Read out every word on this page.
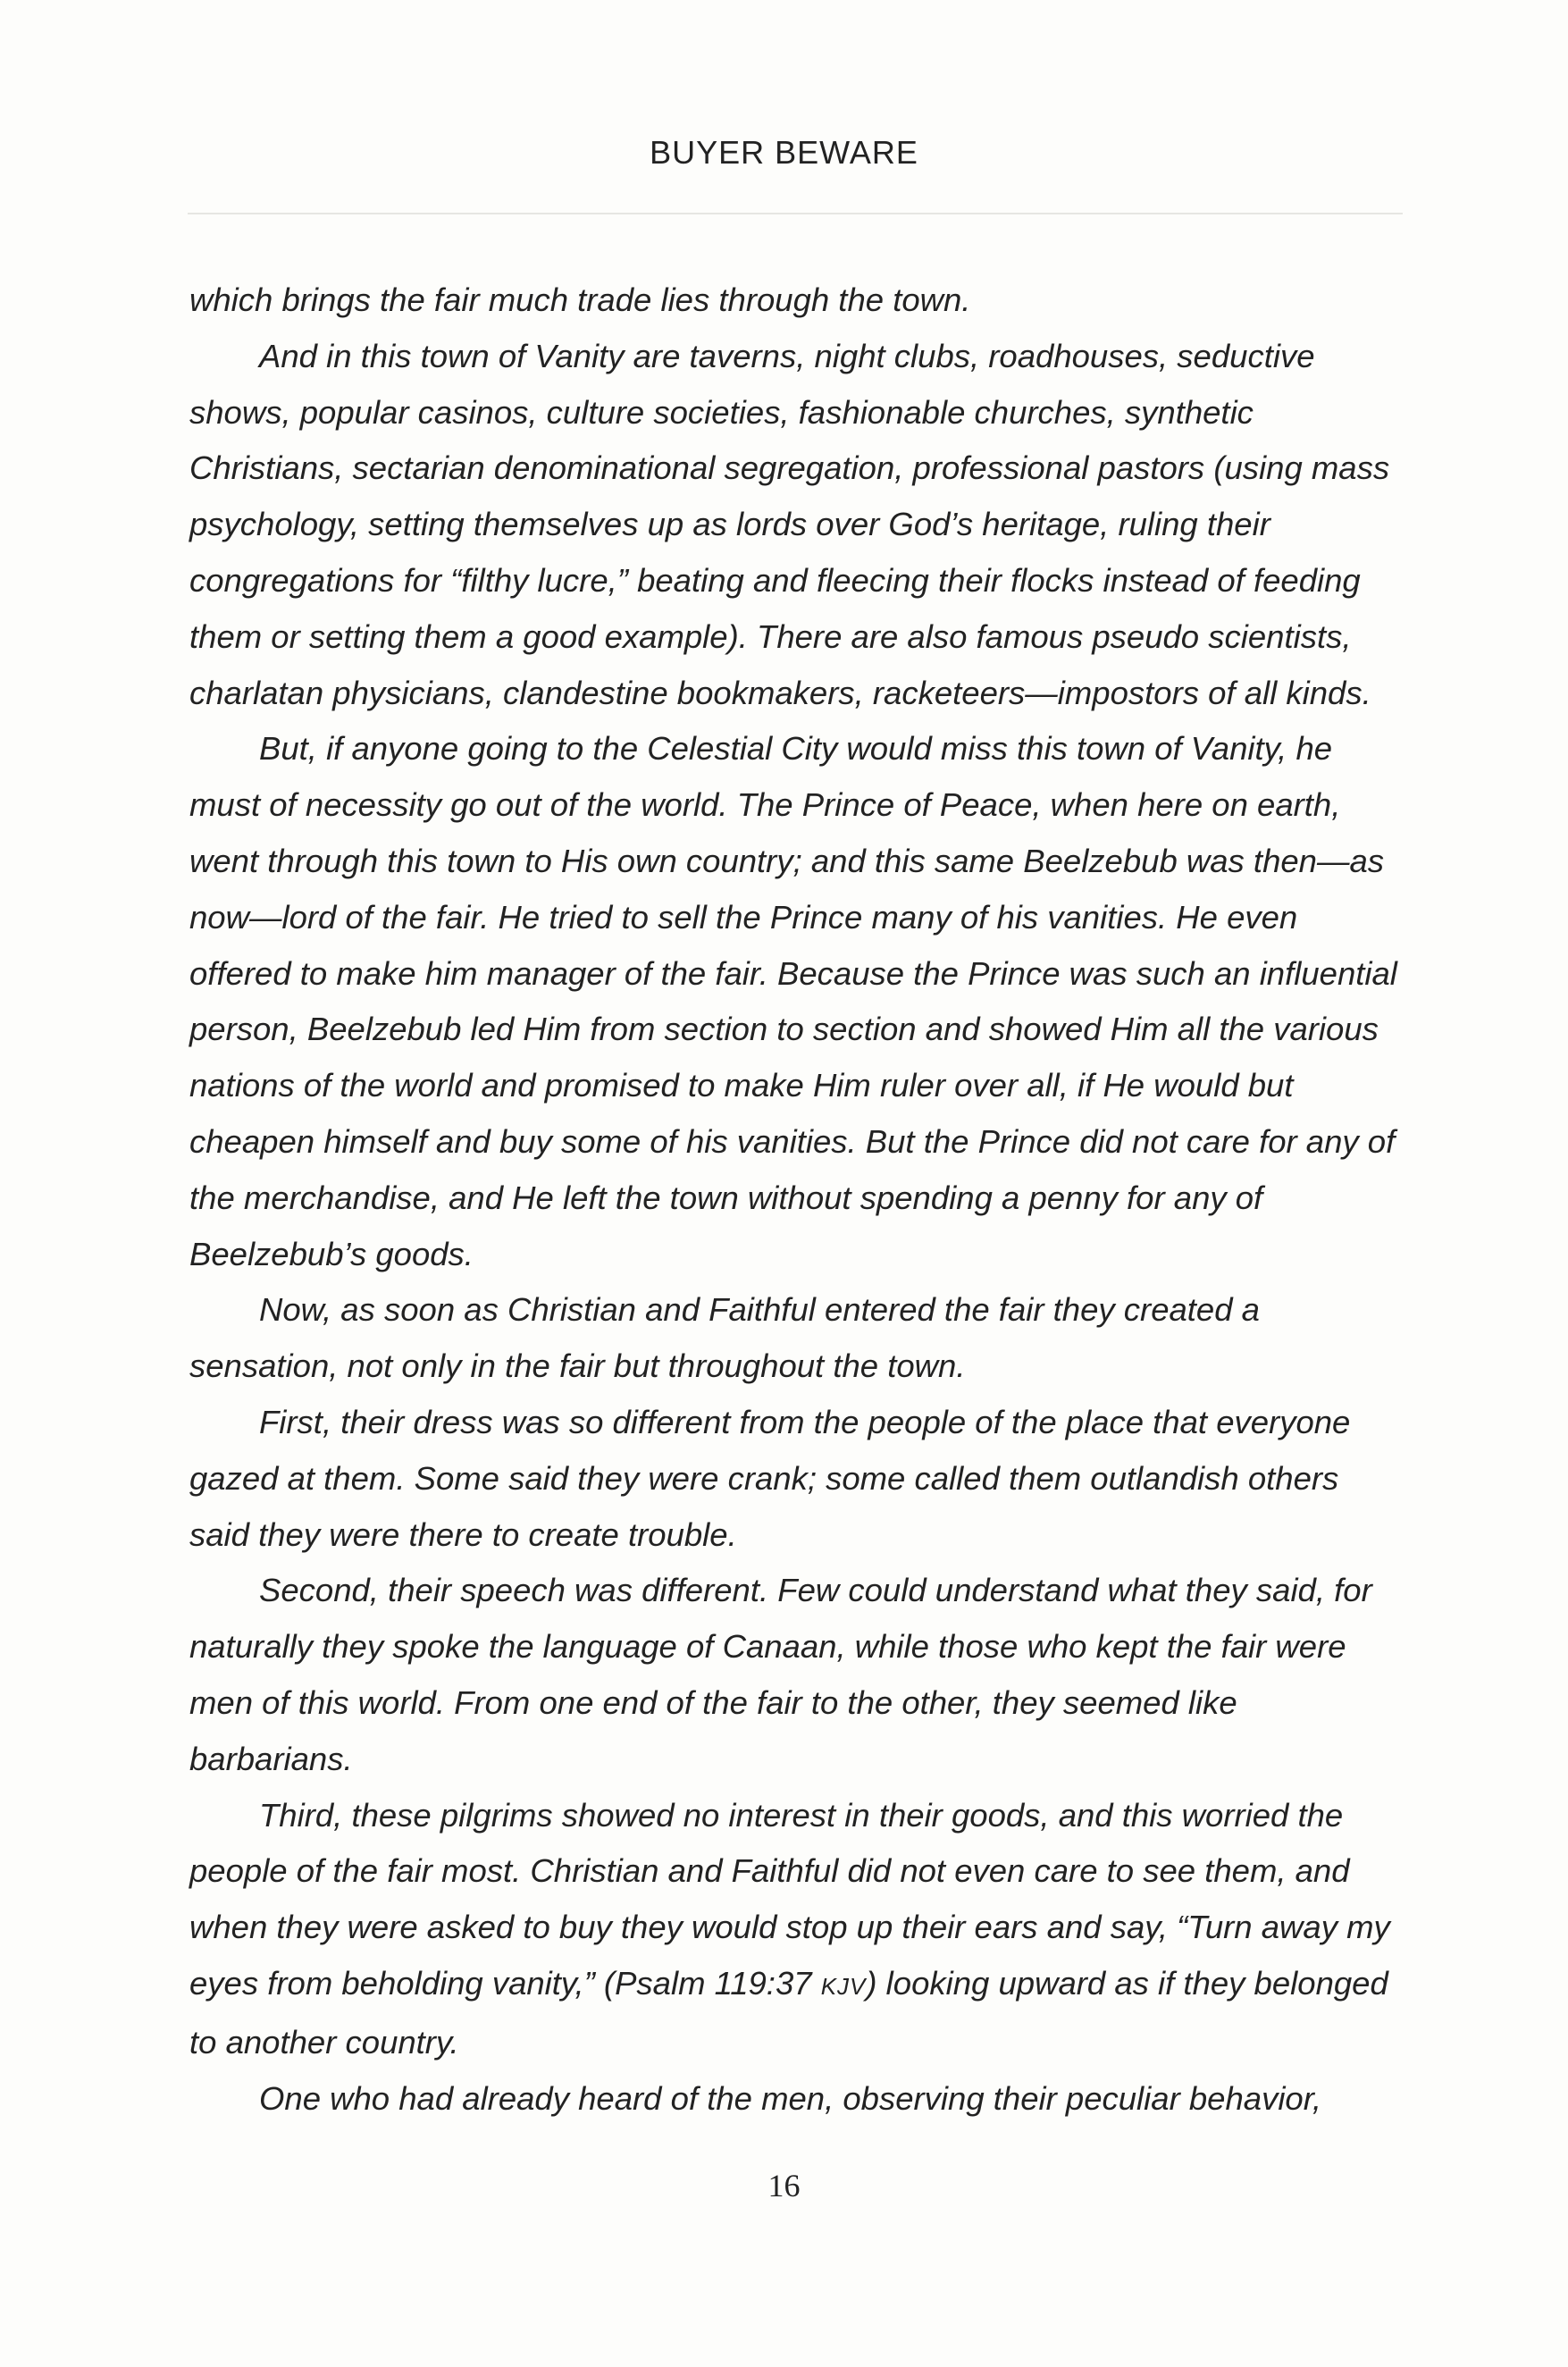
BUYER BEWARE

which brings the fair much trade lies through the town.

And in this town of Vanity are taverns, night clubs, roadhouses, seductive shows, popular casinos, culture societies, fashionable churches, synthetic Christians, sectarian denominational segregation, professional pastors (using mass psychology, setting themselves up as lords over God’s heritage, ruling their congregations for “filthy lucre,” beating and fleecing their flocks instead of feeding them or setting them a good example). There are also famous pseudo scientists, charlatan physicians, clandestine bookmakers, racketeers—impostors of all kinds.

But, if anyone going to the Celestial City would miss this town of Vanity, he must of necessity go out of the world. The Prince of Peace, when here on earth, went through this town to His own country; and this same Beelzebub was then—as now—lord of the fair. He tried to sell the Prince many of his vanities. He even offered to make him manager of the fair. Because the Prince was such an influential person, Beelzebub led Him from section to section and showed Him all the various nations of the world and promised to make Him ruler over all, if He would but cheapen himself and buy some of his vanities. But the Prince did not care for any of the merchandise, and He left the town without spending a penny for any of Beelzebub’s goods.

Now, as soon as Christian and Faithful entered the fair they created a sensation, not only in the fair but throughout the town.

First, their dress was so different from the people of the place that everyone gazed at them. Some said they were crank; some called them outlandish others said they were there to create trouble.

Second, their speech was different. Few could understand what they said, for naturally they spoke the language of Canaan, while those who kept the fair were men of this world. From one end of the fair to the other, they seemed like barbarians.

Third, these pilgrims showed no interest in their goods, and this worried the people of the fair most. Christian and Faithful did not even care to see them, and when they were asked to buy they would stop up their ears and say, “Turn away my eyes from beholding vanity,” (Psalm 119:37 KJV) looking upward as if they belonged to another country.

One who had already heard of the men, observing their peculiar behavior,

16
